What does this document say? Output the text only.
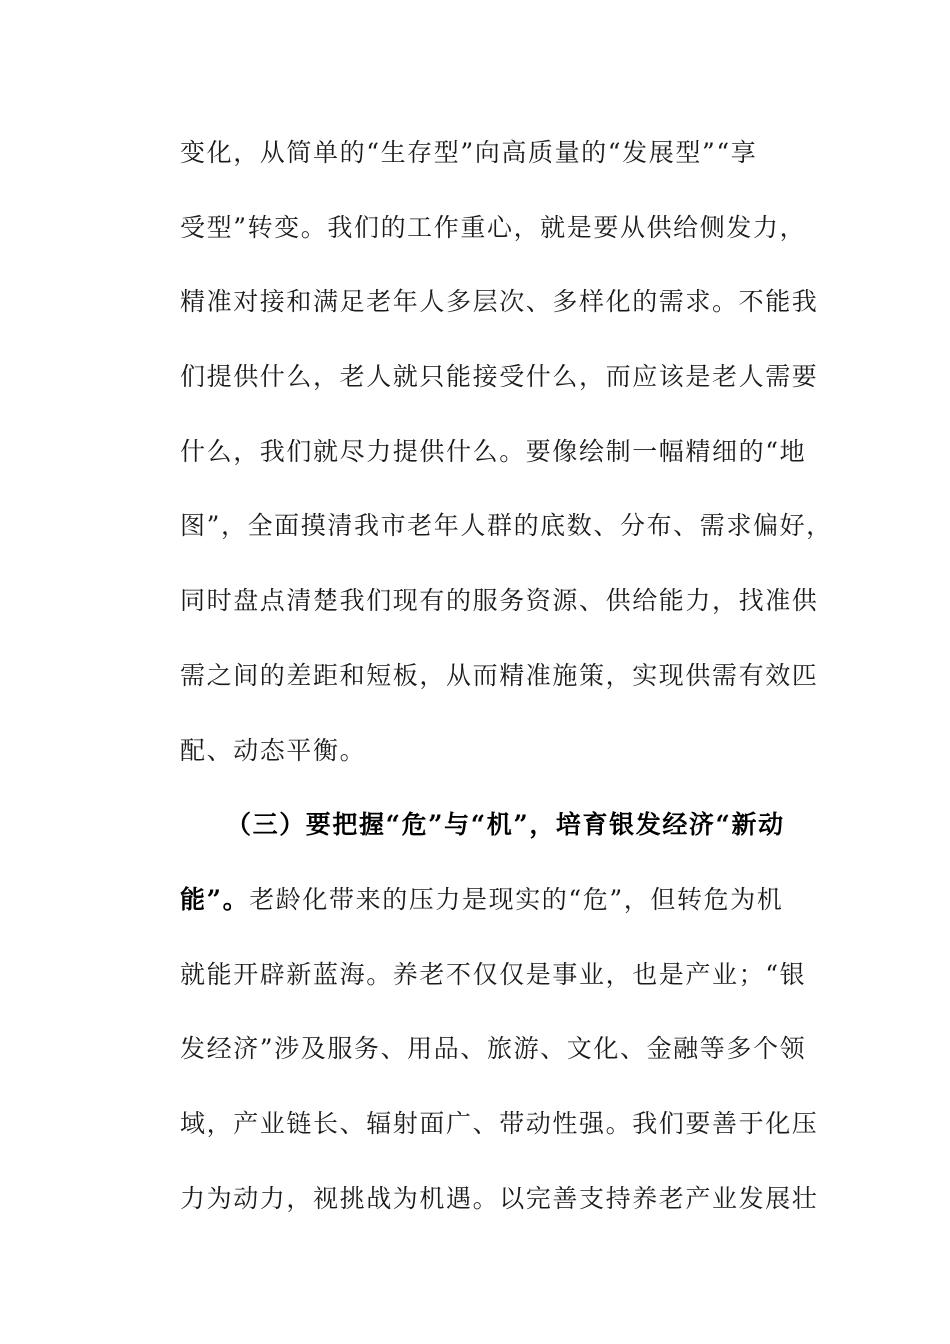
变化，从简单的“生存型”向高质量的“发展型”“享
受型”转变。我们的工作重心，就是要从供给侧发力，
精准对接和满足老年人多层次、多样化的需求。不能我
们提供什么，老人就只能接受什么，而应该是老人需要
什么，我们就尽力提供什么。要像绘制一幅精细的“地
图”，全面摸清我市老年人群的底数、分布、需求偏好，
同时盘点清楚我们现有的服务资源、供给能力，找准供
需之间的差距和短板，从而精准施策，实现供需有效匹
配、动态平衡。
（三）要把握“危”与“机”，培育银发经济“新动
能”。老龄化带来的压力是现实的“危”，但转危为机
就能开辟新蓝海。养老不仅仅是事业，也是产业；“银
发经济”涉及服务、用品、旅游、文化、金融等多个领
域，产业链长、辐射面广、带动性强。我们要善于化压
力为动力，视挑战为机遇。以完善支持养老产业发展壮
